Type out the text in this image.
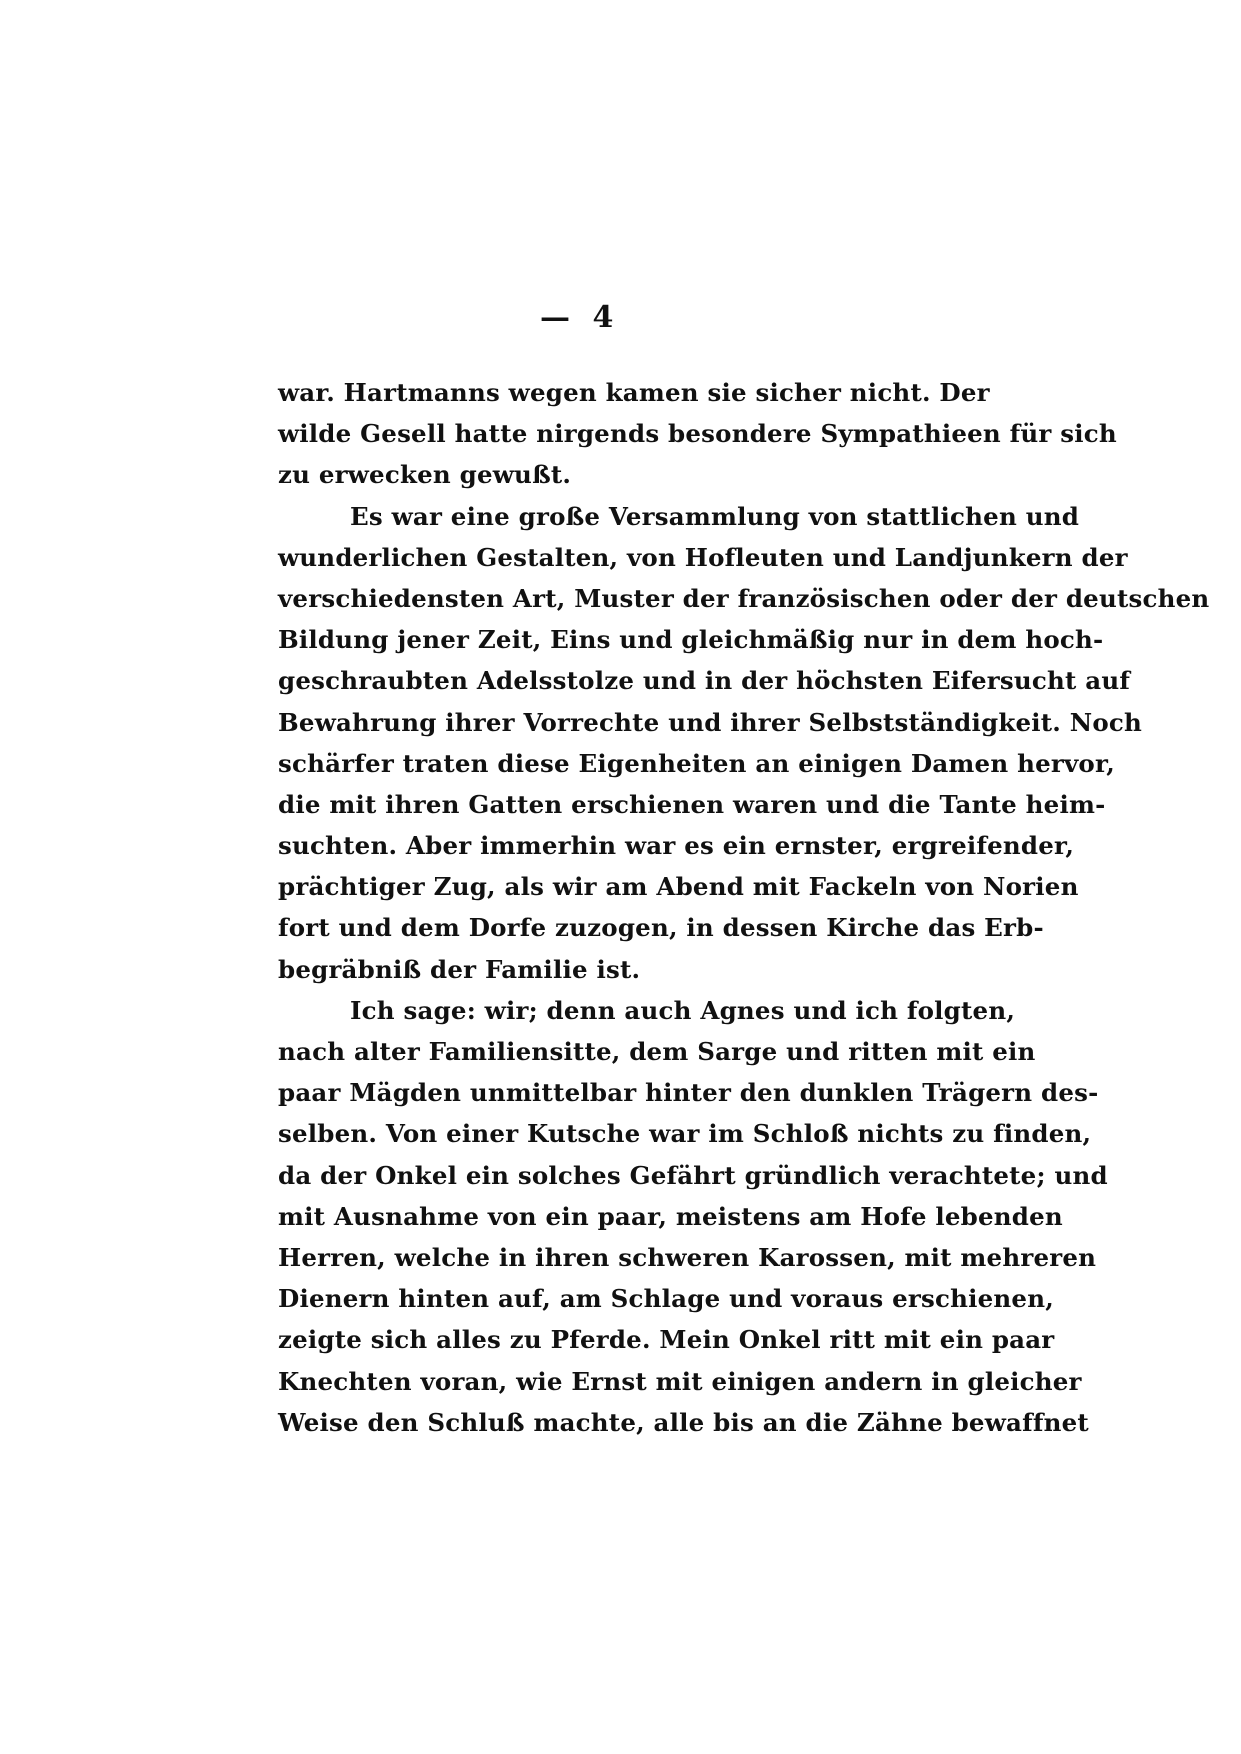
— 4
war. Hartmanns wegen kamen sie sicher nicht. Der
wilde Gesell hatte nirgends besondere Sympathieen für sich
zu erwecken gewußt.
Es war eine große Versammlung von stattlichen und
wunderlichen Gestalten, von Hofleuten und Landjunkern der
verschiedensten Art, Muster der französischen oder der deutschen
Bildung jener Zeit, Eins und gleichmäßig nur in dem hoch-
geschraubten Adelsstolze und in der höchsten Eifersucht auf
Bewahrung ihrer Vorrechte und ihrer Selbstständigkeit. Noch
schärfer traten diese Eigenheiten an einigen Damen hervor,
die mit ihren Gatten erschienen waren und die Tante heim-
suchten. Aber immerhin war es ein ernster, ergreifender,
prächtiger Zug, als wir am Abend mit Fackeln von Norien
fort und dem Dorfe zuzogen, in dessen Kirche das Erb-
begräbniß der Familie ist.
Ich sage: wir; denn auch Agnes und ich folgten,
nach alter Familiensitte, dem Sarge und ritten mit ein
paar Mägden unmittelbar hinter den dunklen Trägern des-
selben. Von einer Kutsche war im Schloß nichts zu finden,
da der Onkel ein solches Gefährt gründlich verachtete; und
mit Ausnahme von ein paar, meistens am Hofe lebenden
Herren, welche in ihren schweren Karossen, mit mehreren
Dienern hinten auf, am Schlage und voraus erschienen,
zeigte sich alles zu Pferde. Mein Onkel ritt mit ein paar
Knechten voran, wie Ernst mit einigen andern in gleicher
Weise den Schluß machte, alle bis an die Zähne bewaffnet
